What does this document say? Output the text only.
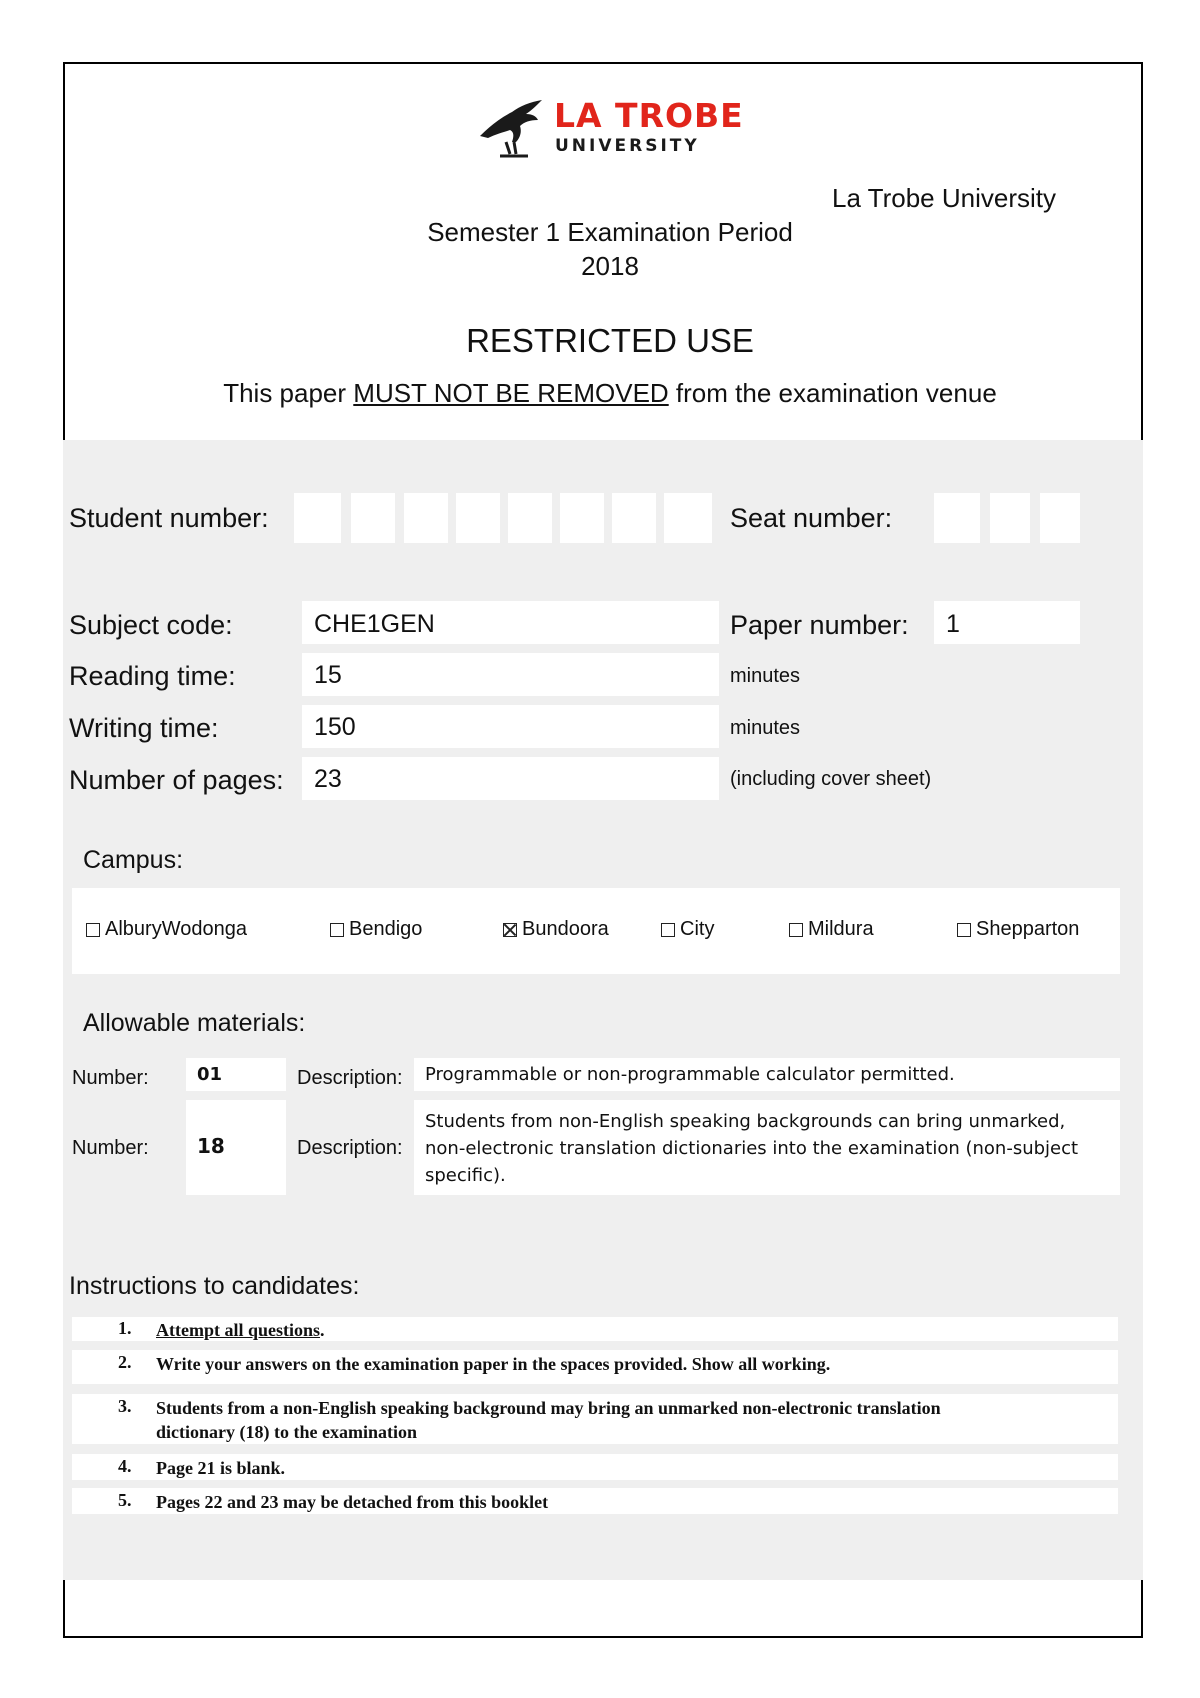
LA TROBE
UNIVERSITY
La Trobe University
Semester 1 Examination Period
2018
RESTRICTED USE
This paper MUST NOT BE REMOVED from the examination venue
Student number:	Seat number:
Subject code:	CHE1GEN	Paper number: 1
Reading time:	15	minutes
Writing time:	150	minutes
Number of pages: 23	(including cover sheet)
Campus:
AlburyWodonga	Bendigo	Bundoora	City	Mildura	Shepparton
Allowable materials:
Number:	01	Description: Programmable or non-programmable calculator permitted.
Number: 18	Description:
Students from non-English speaking backgrounds can bring unmarked,
non-electronic translation dictionaries into the examination (non-subject
specific).
Instructions to candidates:
1. Attempt all questions.
2. Write your answers on the examination paper in the spaces provided. Show all working.
3. Students from a non-English speaking background may bring an unmarked non-electronic translation
dictionary (18) to the examination
4. Page 21 is blank.
5. Pages 22 and 23 may be detached from this booklet
